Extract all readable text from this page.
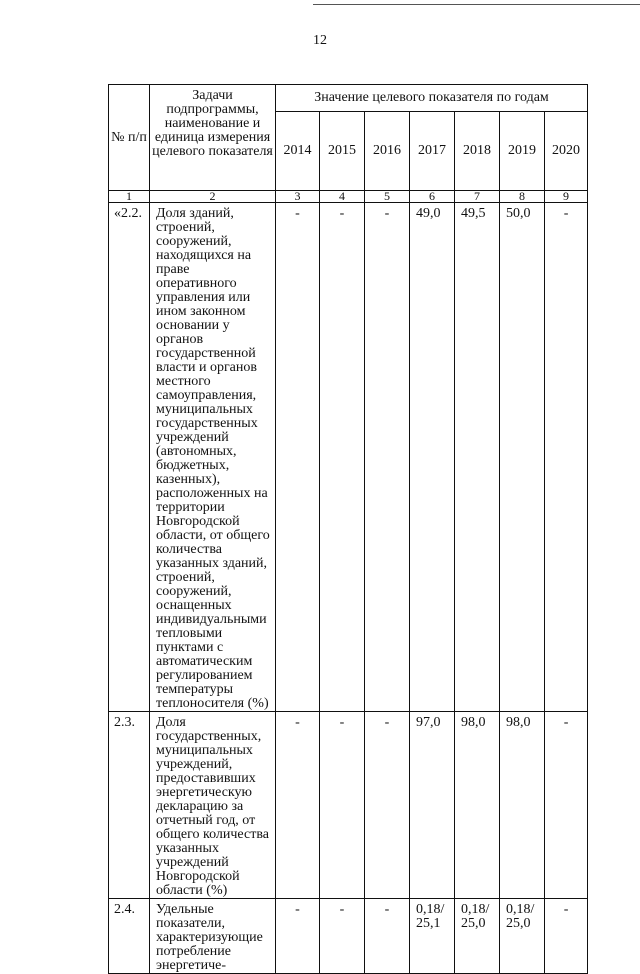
12
№ п/п	Задачи подпрограммы, наименование и единица измерения целевого показателя	Значение целевого показателя по годам						
		2014	2015	2016	2017	2018	2019	2020
1	2	3	4	5	6	7	8	9
«2.2.	Доля зданий, строений, сооружений, находящихся на праве оперативного управления или ином законном основании у органов государственной власти и органов местного самоуправления, муниципальных государственных учреждений (автономных, бюджетных, казенных), расположенных на территории Новгородской области, от общего количества указанных зданий, строений, сооружений, оснащенных индивидуальными тепловыми пунктами с автоматическим регулированием температуры теплоносителя (%)	-	-	-	49,0	49,5	50,0	-
2.3.	Доля государственных, муниципальных учреждений, предоставивших энергетическую декларацию за отчетный год, от общего количества указанных учреждений Новгородской области (%)	-	-	-	97,0	98,0	98,0	-
2.4.	Удельные показатели, характеризующие потребление энергетиче-	-	-	-	0,18/ 25,1	0,18/ 25,0	0,18/ 25,0	-
